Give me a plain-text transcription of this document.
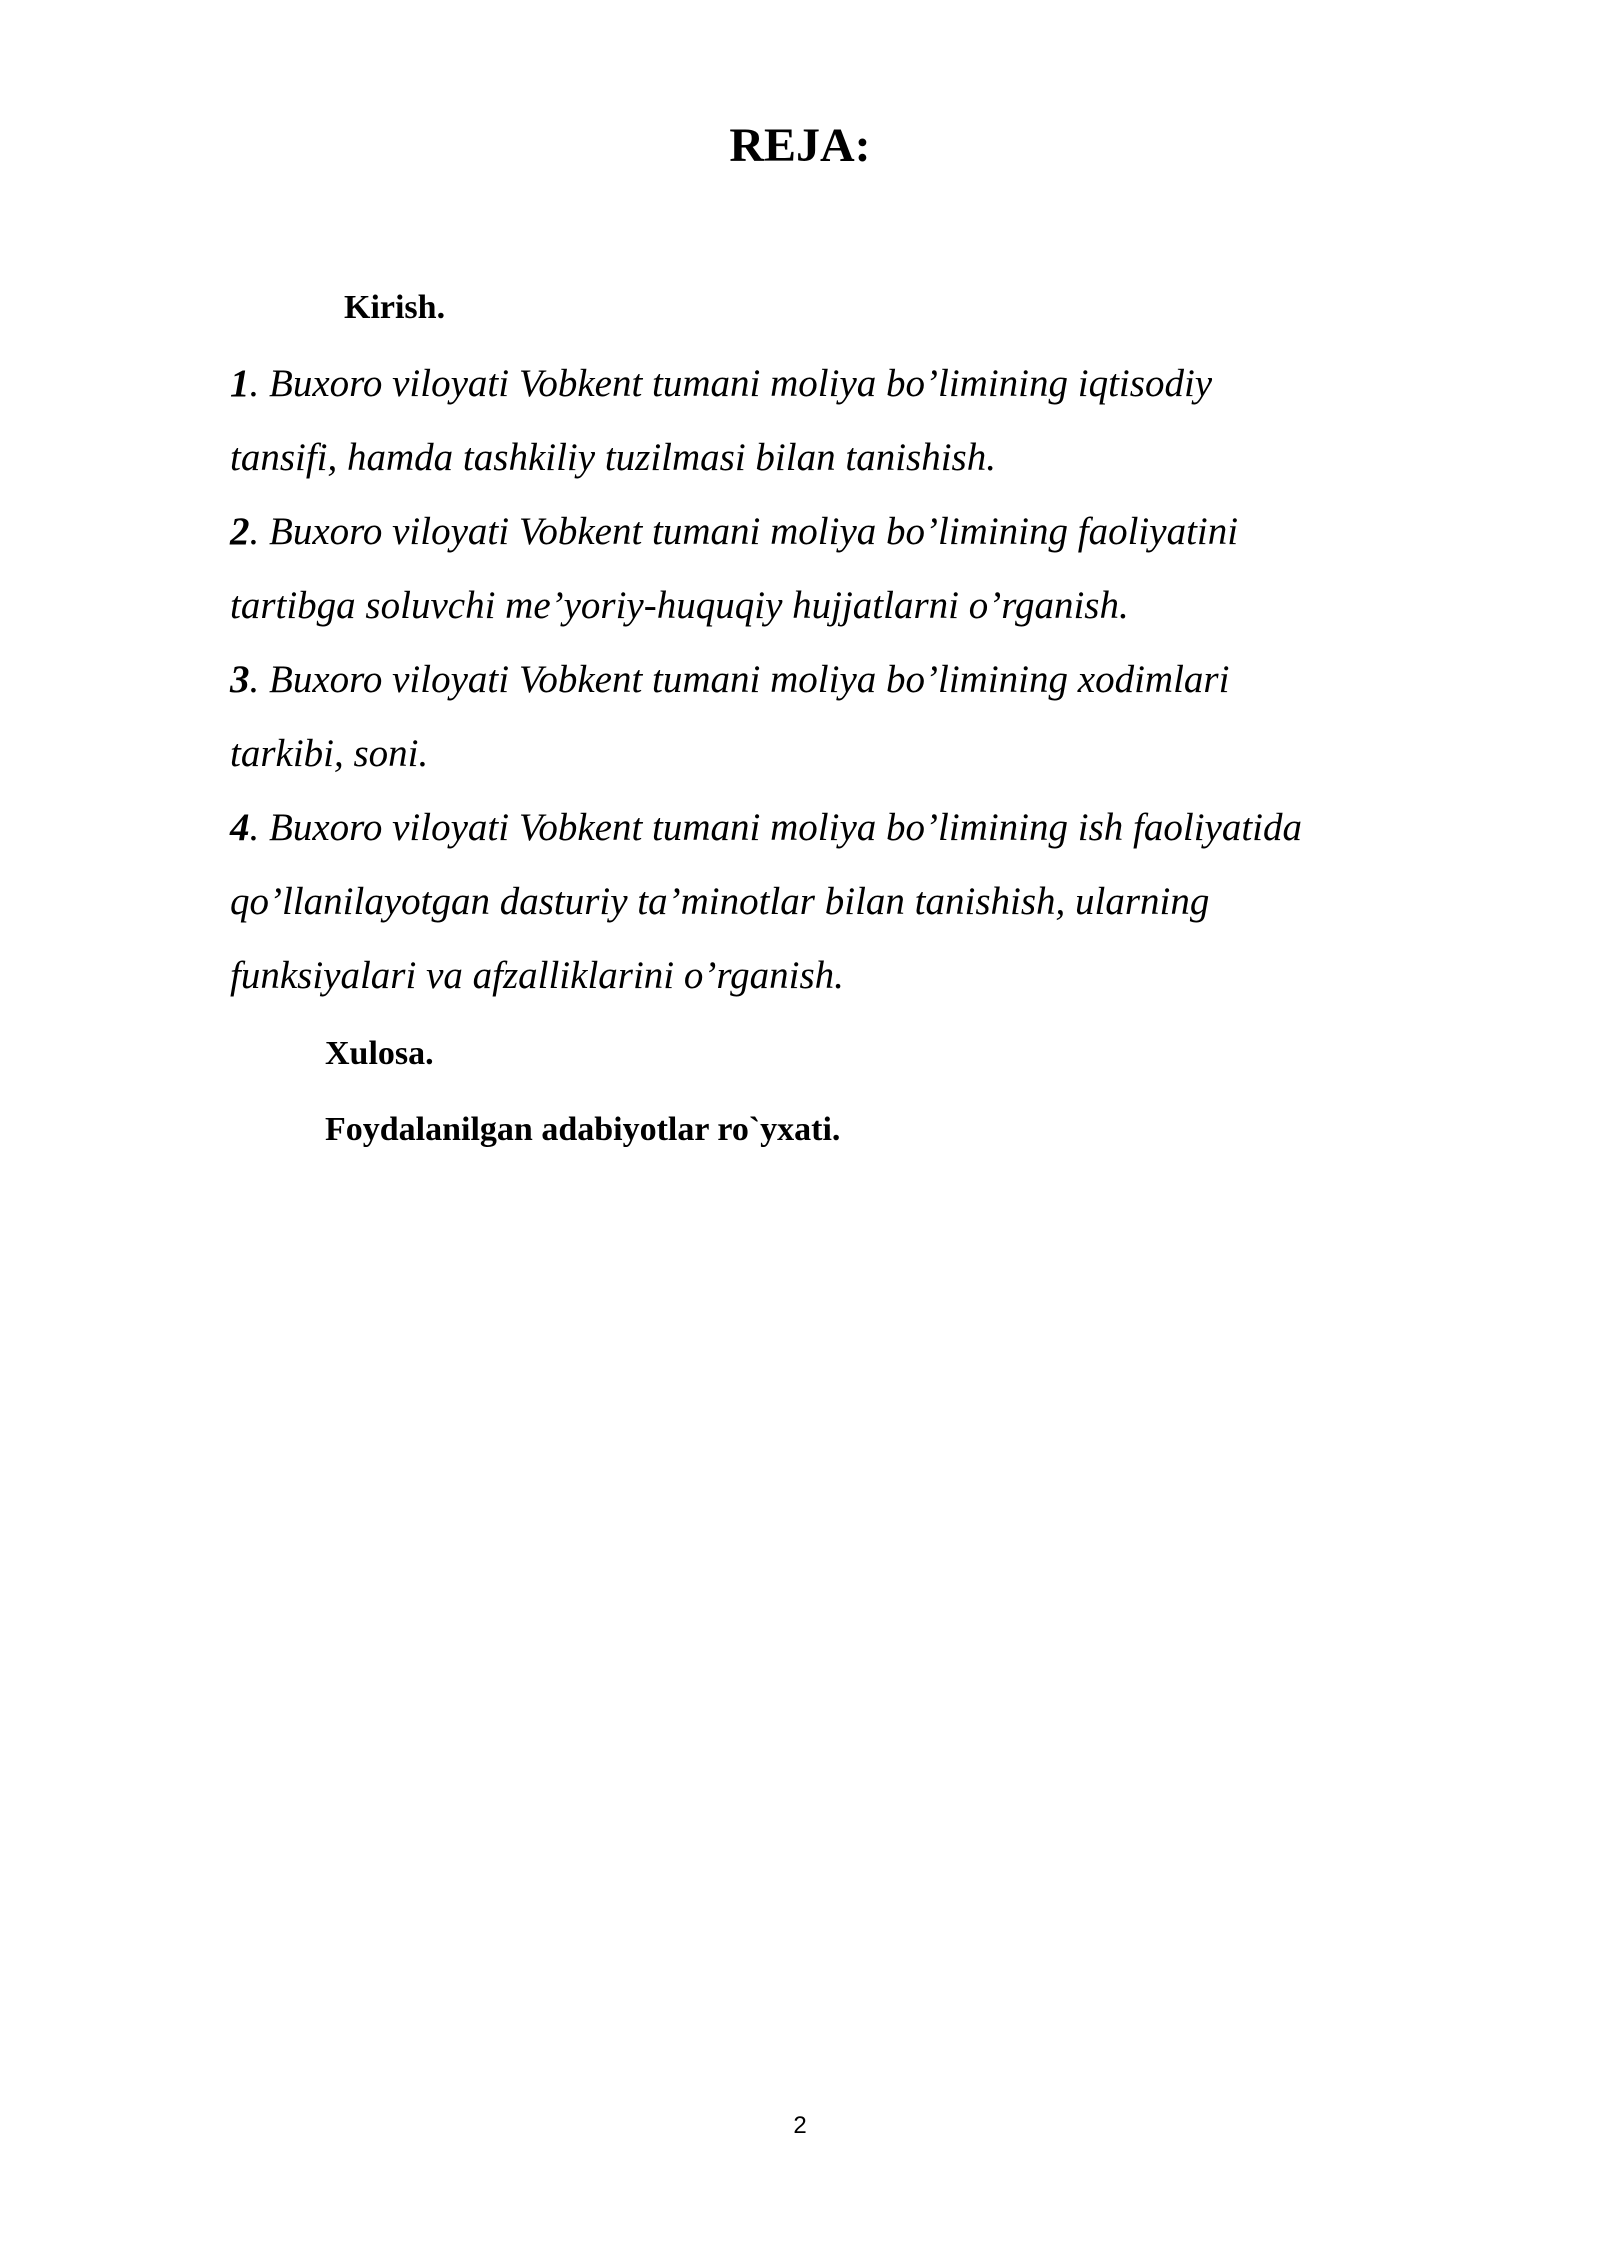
REJA:
Kirish.
1. Buxoro viloyati Vobkent tumani moliya bo’limining iqtisodiy
tansifi, hamda tashkiliy tuzilmasi bilan tanishish.
2. Buxoro viloyati Vobkent tumani moliya bo’limining faoliyatini
tartibga soluvchi me’yoriy-huquqiy hujjatlarni o’rganish.
3. Buxoro viloyati Vobkent tumani moliya bo’limining xodimlari
tarkibi, soni.
4. Buxoro viloyati Vobkent tumani moliya bo’limining ish faoliyatida
qo’llanilayotgan dasturiy ta’minotlar bilan tanishish, ularning
funksiyalari va afzalliklarini o’rganish.
Xulosa.
Foydalanilgan adabiyotlar ro`yxati.
2
